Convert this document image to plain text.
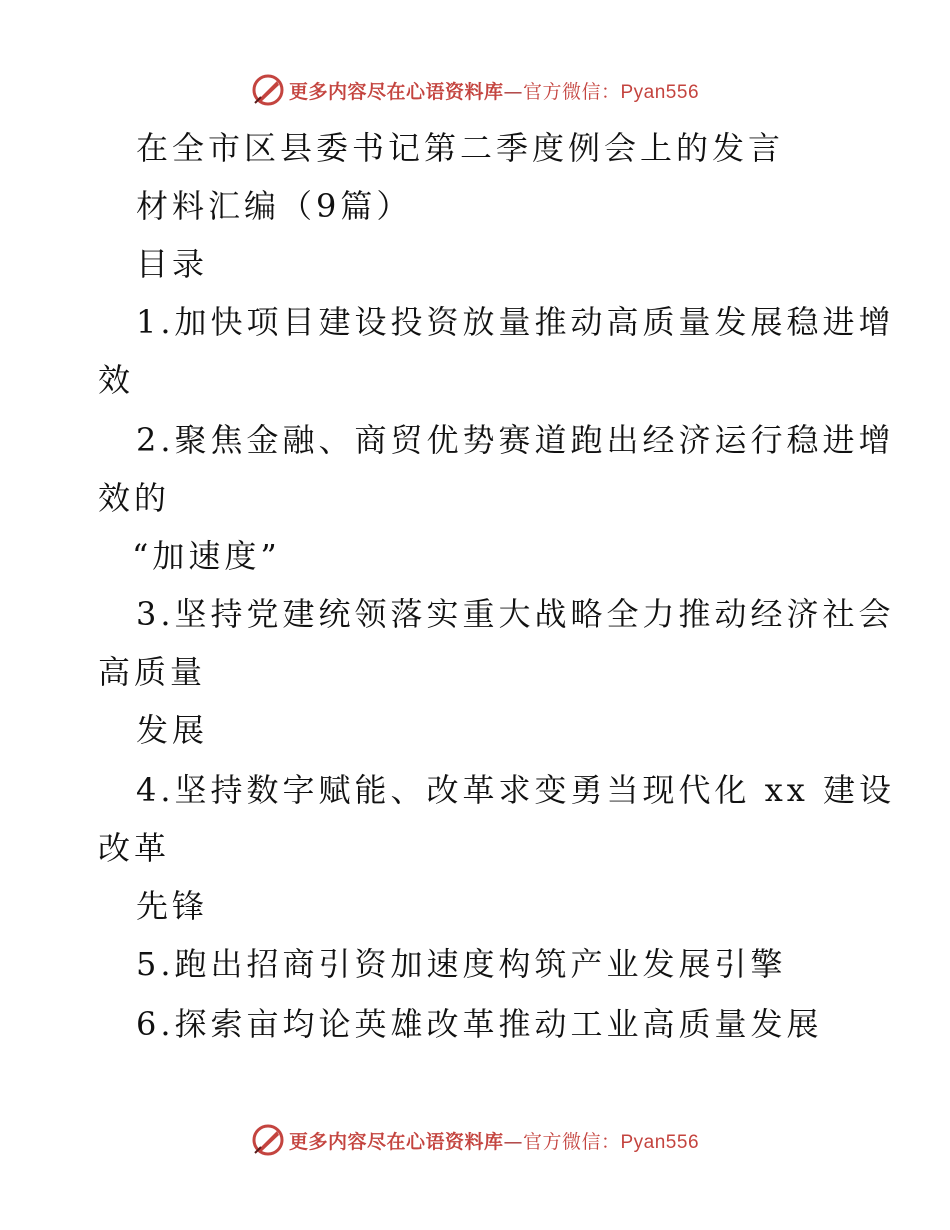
更多内容尽在心语资料库—官方微信：Pyan556
在全市区县委书记第二季度例会上的发言
材料汇编（9篇）
目录
1.加快项目建设投资放量推动高质量发展稳进增
效
2.聚焦金融、商贸优势赛道跑出经济运行稳进增
效的
“加速度”
3.坚持党建统领落实重大战略全力推动经济社会
高质量
发展
4.坚持数字赋能、改革求变勇当现代化 xx 建设
改革
先锋
5.跑出招商引资加速度构筑产业发展引擎
6.探索亩均论英雄改革推动工业高质量发展
更多内容尽在心语资料库—官方微信：Pyan556
